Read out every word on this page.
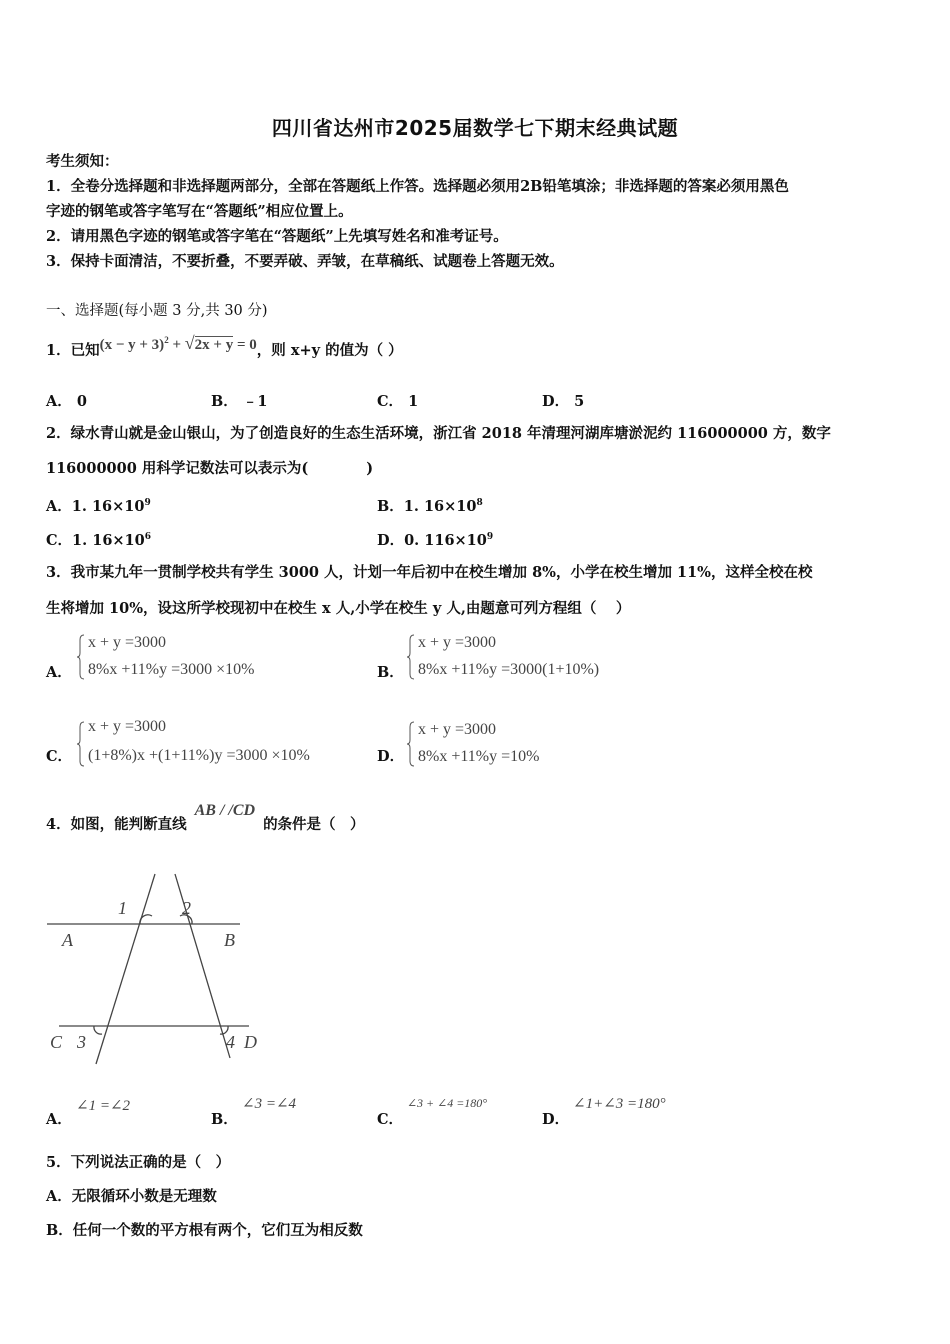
四川省达州市2025届数学七下期末经典试题
考生须知：
1．全卷分选择题和非选择题两部分，全部在答题纸上作答。选择题必须用2B铅笔填涂；非选择题的答案必须用黑色
字迹的钢笔或答字笔写在“答题纸”相应位置上。
2．请用黑色字迹的钢笔或答字笔在“答题纸”上先填写姓名和准考证号。
3．保持卡面清洁，不要折叠，不要弄破、弄皱，在草稿纸、试题卷上答题无效。
一、选择题(每小题 3 分,共 30 分)
1．已知$(x - y + 3)^2 + √2x + y = 0$，则 x+y 的值为（ ）
A． 0	B． ﹣1	C． 1	D． 5
2．绿水青山就是金山银山，为了创造良好的生态生活环境，浙江省 2018 年清理河湖库塘淤泥约 116000000 方，数字
116000000 用科学记数法可以表示为(　　　　)
A．1. $16\times 10^9$	B．1. $16\times 10^8$
C．1. $16\times 10^6$	D．0. $116\times 10^9$
3．我市某九年一贯制学校共有学生 3000 人，计划一年后初中在校生增加 8%，小学在校生增加 11%，这样全校在校
生将增加 10%，设这所学校现初中在校生 x 人,小学在校生 y 人,由题意可列方程组（　 ）
A．
x + y =3000
8%x +11%y =3000 ×10%	B．
x + y =3000
8%x +11%y =3000(1+10%)
C．
x + y =3000
(1+8%)x +(1+11%)y =3000 ×10%	D．
x + y =3000
8%x +11%y =10%
4．如图，能判断直线AB / /CD的条件是（　）
1	2
A	B
C 3	4 D
A．
∠1 =∠2
B．
∠3 =∠4
C．
∠3 + ∠4 =180°
D．
∠1+∠3 =180°
5．下列说法正确的是（　）
A．无限循环小数是无理数
B．任何一个数的平方根有两个，它们互为相反数
